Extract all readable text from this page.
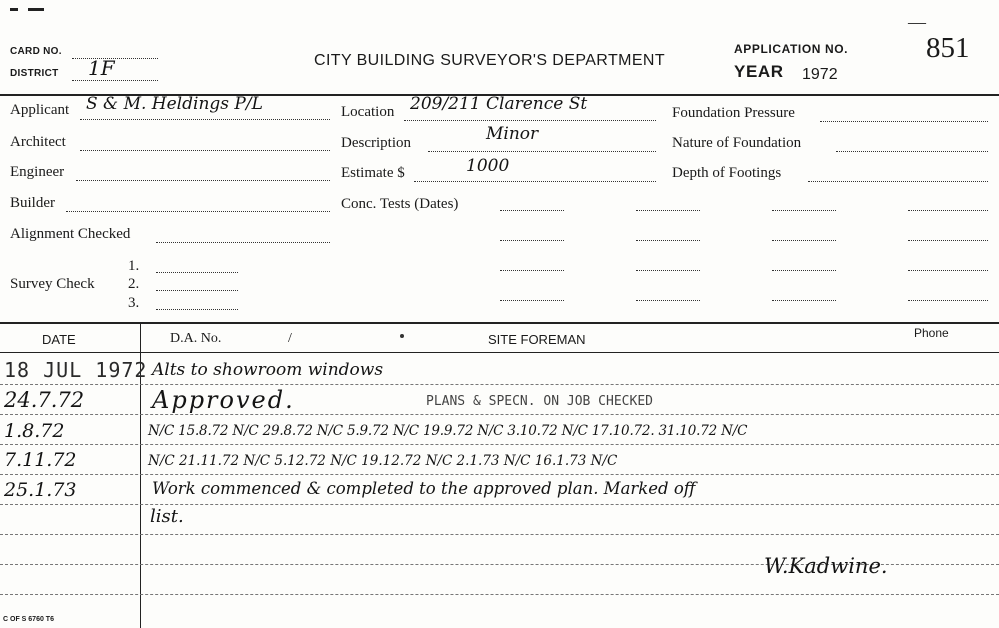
—
CARD NO.
DISTRICT 1F	CITY BUILDING SURVEYOR'S DEPARTMENT
APPLICATION NO.	851
YEAR 1972
Applicant S & M. Heldings P/L
Architect
Engineer
Builder
Alignment Checked
Survey Check
1.
2.
3.
Location 209/211 Clarence St
Description	Minor
Estimate $	1000
Conc. Tests (Dates)
Foundation Pressure
Nature of Foundation
Depth of Footings
DATE	D.A. No.	/	SITE FOREMAN	Phone
18 JUL 1972 Alts to showroom windows
24.7.72	Approved.	PLANS & SPECN. ON JOB CHECKED
1.8.72	N/C 15.8.72 N/C 29.8.72 N/C 5.9.72 N/C 19.9.72 N/C 3.10.72 N/C 17.10.72. 31.10.72 N/C
7.11.72	N/C 21.11.72 N/C 5.12.72 N/C 19.12.72 N/C 2.1.73 N/C 16.1.73 N/C
25.1.73	Work commenced & completed to the approved plan. Marked off
list.
W.Kadwine.
C OF S 6760 T6
